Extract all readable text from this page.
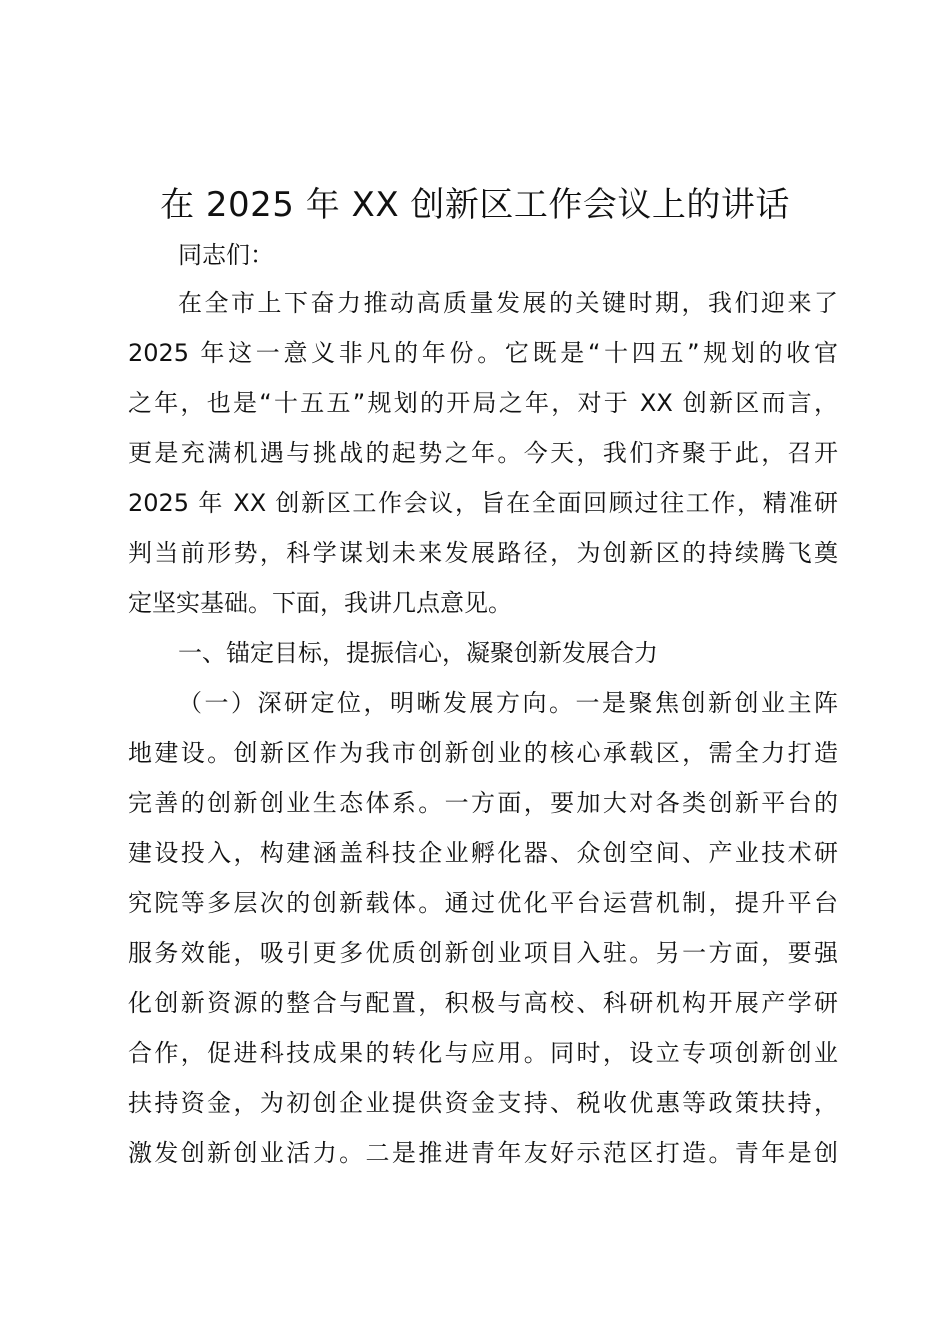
在 2025 年 XX 创新区工作会议上的讲话

同志们：

在全市上下奋力推动高质量发展的关键时期，我们迎来了
2025 年这一意义非凡的年份。它既是“十四五”规划的收官
之年，也是“十五五”规划的开局之年，对于 XX 创新区而言，
更是充满机遇与挑战的起势之年。今天，我们齐聚于此，召开
2025 年 XX 创新区工作会议，旨在全面回顾过往工作，精准研
判当前形势，科学谋划未来发展路径，为创新区的持续腾飞奠
定坚实基础。下面，我讲几点意见。
一、锚定目标，提振信心，凝聚创新发展合力
（一）深研定位，明晰发展方向。一是聚焦创新创业主阵
地建设。创新区作为我市创新创业的核心承载区，需全力打造
完善的创新创业生态体系。一方面，要加大对各类创新平台的
建设投入，构建涵盖科技企业孵化器、众创空间、产业技术研
究院等多层次的创新载体。通过优化平台运营机制，提升平台
服务效能，吸引更多优质创新创业项目入驻。另一方面，要强
化创新资源的整合与配置，积极与高校、科研机构开展产学研
合作，促进科技成果的转化与应用。同时，设立专项创新创业
扶持资金，为初创企业提供资金支持、税收优惠等政策扶持，
激发创新创业活力。二是推进青年友好示范区打造。青年是创
